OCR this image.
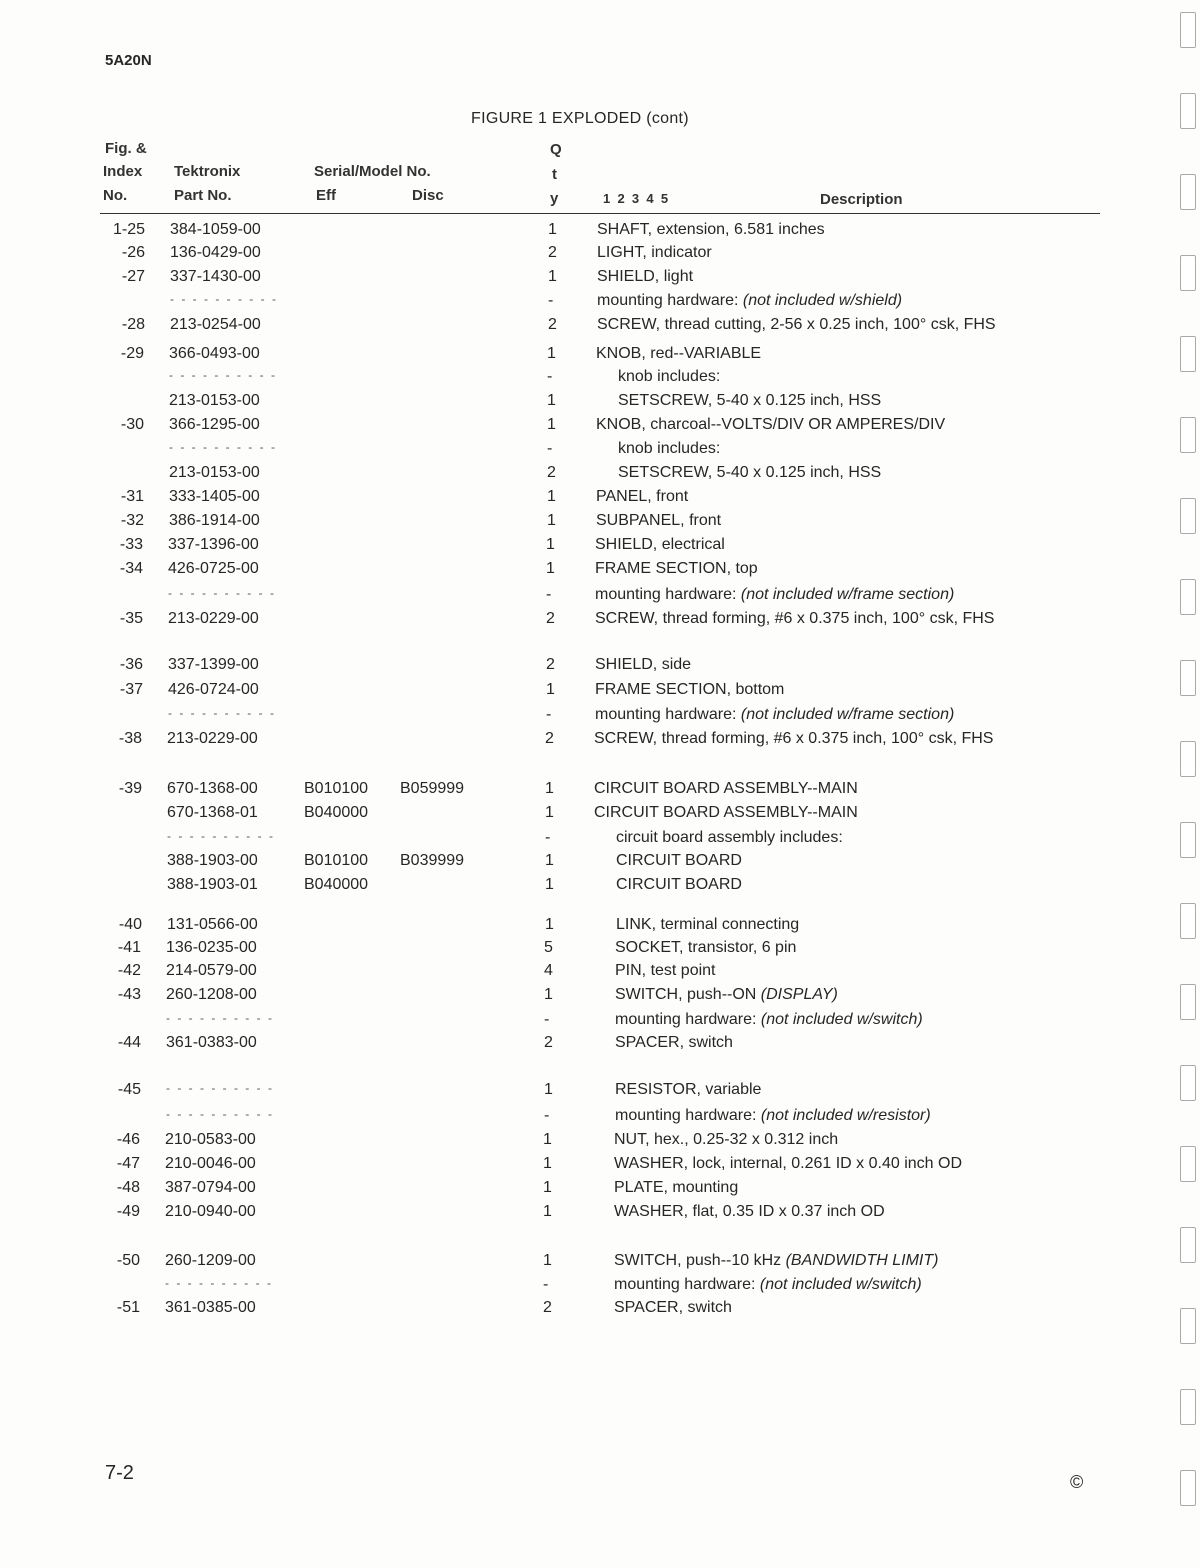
5A20N
FIGURE 1 EXPLODED (cont)
Fig. &
Index
No.
Tektronix
Part No.
Serial/Model No.
Eff	Disc
Q
t
y	1  2  3  4  5	Description
1-25 384-1059-00	1	SHAFT, extension, 6.581 inches
-26 136-0429-00	2	LIGHT, indicator
-27 337-1430-00	1	SHIELD, light
- - - - - - - - - -	-	mounting hardware: (not included w/shield)
-28 213-0254-00	2	SCREW, thread cutting, 2-56 x 0.25 inch, 100° csk, FHS
-29 366-0493-00	1	KNOB, red--VARIABLE
- - - - - - - - - -	-	knob includes:
213-0153-00	1	SETSCREW, 5-40 x 0.125 inch, HSS
-30 366-1295-00	1	KNOB, charcoal--VOLTS/DIV OR AMPERES/DIV
- - - - - - - - - -	-	knob includes:
213-0153-00	2	SETSCREW, 5-40 x 0.125 inch, HSS
-31 333-1405-00	1	PANEL, front
-32 386-1914-00	1	SUBPANEL, front
-33 337-1396-00	1	SHIELD, electrical
-34 426-0725-00	1	FRAME SECTION, top
- - - - - - - - - -	-	mounting hardware: (not included w/frame section)
-35 213-0229-00	2	SCREW, thread forming, #6 x 0.375 inch, 100° csk, FHS
-36 337-1399-00	2	SHIELD, side
-37 426-0724-00	1	FRAME SECTION, bottom
- - - - - - - - - -	-	mounting hardware: (not included w/frame section)
-38 213-0229-00	2	SCREW, thread forming, #6 x 0.375 inch, 100° csk, FHS
-39 670-1368-00	B010100 B059999	1	CIRCUIT BOARD ASSEMBLY--MAIN
670-1368-01	B040000	1	CIRCUIT BOARD ASSEMBLY--MAIN
- - - - - - - - - -	-	circuit board assembly includes:
388-1903-00	B010100 B039999	1	CIRCUIT BOARD
388-1903-01	B040000	1	CIRCUIT BOARD
-40 131-0566-00	1	LINK, terminal connecting
-41 136-0235-00	5	SOCKET, transistor, 6 pin
-42 214-0579-00	4	PIN, test point
-43 260-1208-00	1	SWITCH, push--ON (DISPLAY)
- - - - - - - - - -	-	mounting hardware: (not included w/switch)
-44 361-0383-00	2	SPACER, switch
-45 - - - - - - - - - -	1	RESISTOR, variable
- - - - - - - - - -	-	mounting hardware: (not included w/resistor)
-46 210-0583-00	1	NUT, hex., 0.25-32 x 0.312 inch
-47 210-0046-00	1	WASHER, lock, internal, 0.261 ID x 0.40 inch OD
-48 387-0794-00	1	PLATE, mounting
-49 210-0940-00	1	WASHER, flat, 0.35 ID x 0.37 inch OD
-50 260-1209-00	1	SWITCH, push--10 kHz (BANDWIDTH LIMIT)
- - - - - - - - - -	-	mounting hardware: (not included w/switch)
-51 361-0385-00	2	SPACER, switch
7-2	©
